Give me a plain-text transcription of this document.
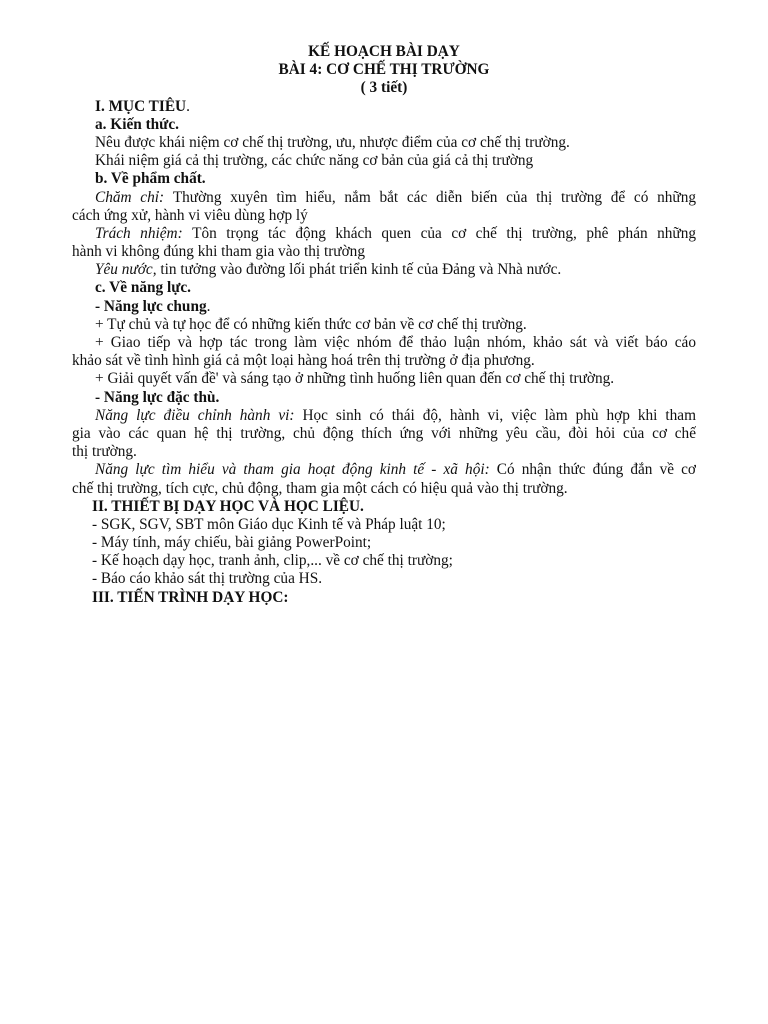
KẾ HOẠCH BÀI DẠY
BÀI 4: CƠ CHẾ THỊ TRƯỜNG
( 3 tiết)
I. MỤC TIÊU.
a. Kiến thức.
Nêu được khái niệm cơ chế thị trường, ưu, nhược điểm của cơ chế thị trường.
Khái niệm giá cả thị trường, các chức năng cơ bản của giá cả thị trường
b. Về phẩm chất.
Chăm chỉ: Thường xuyên tìm hiểu, nắm bắt các diễn biến của thị trường để có những
cách ứng xử, hành vi viêu dùng hợp lý
Trách nhiệm: Tôn trọng tác động khách quen của cơ chế thị trường, phê phán những
hành vi không đúng khi tham gia vào thị trường
Yêu nước, tin tưởng vào đường lối phát triển kinh tế của Đảng và Nhà nước.
c. Về năng lực.
- Năng lực chung.
+ Tự chủ và tự học để có những kiến thức cơ bản về cơ chế thị trường.
+ Giao tiếp và hợp tác trong làm việc nhóm để thảo luận nhóm, khảo sát và viết báo cáo
khảo sát về tình hình giá cả một loại hàng hoá trên thị trường ở địa phương.
+ Giải quyết vấn đề' và sáng tạo ở những tình huống liên quan đến cơ chế thị trường.
- Năng lực đặc thù.
Năng lực điều chỉnh hành vi: Học sinh có thái độ, hành vi, việc làm phù hợp khi tham
gia vào các quan hệ thị trường, chủ động thích ứng với những yêu cầu, đòi hỏi của cơ chế
thị trường.
Năng lực tìm hiểu và tham gia hoạt động kinh tế - xã hội: Có nhận thức đúng đắn về cơ
chế thị trường, tích cực, chủ động, tham gia một cách có hiệu quả vào thị trường.
II. THIẾT BỊ DẠY HỌC VÀ HỌC LIỆU.
- SGK, SGV, SBT môn Giáo dục Kinh tế và Pháp luật 10;
- Máy tính, máy chiếu, bài giảng PowerPoint;
- Kế hoạch dạy học, tranh ảnh, clip,... về cơ chế thị trường;
- Báo cáo khảo sát thị trường của HS.
III. TIẾN TRÌNH DẠY HỌC:
